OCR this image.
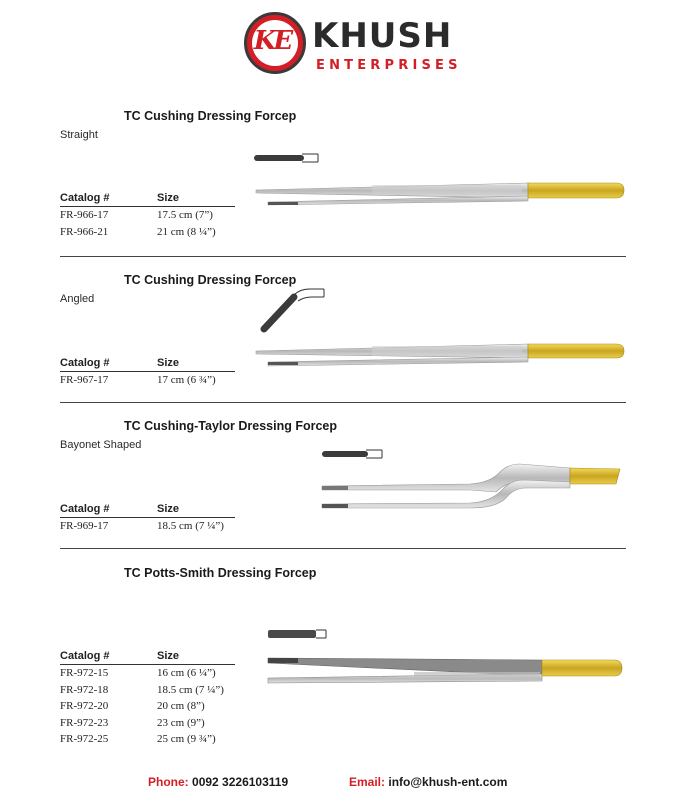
KE KHUSH
ENTERPRISES
TC Cushing Dressing Forcep
Straight
Catalog #	Size
FR-966-17	17.5 cm (7”)
FR-966-21	21 cm (8 ¼”)
TC Cushing Dressing Forcep
Angled
Catalog #	Size
FR-967-17	17 cm (6 ¾”)
TC Cushing-Taylor Dressing Forcep
Bayonet Shaped
Catalog #	Size
FR-969-17	18.5 cm (7 ¼”)
TC Potts-Smith Dressing Forcep
Catalog #	Size
FR-972-15	16 cm (6 ¼”)
FR-972-18	18.5 cm (7 ¼”)
FR-972-20	20 cm (8”)
FR-972-23	23 cm (9”)
FR-972-25	25 cm (9 ¾”)
Phone: 0092 3226103119	Email: info@khush-ent.com
